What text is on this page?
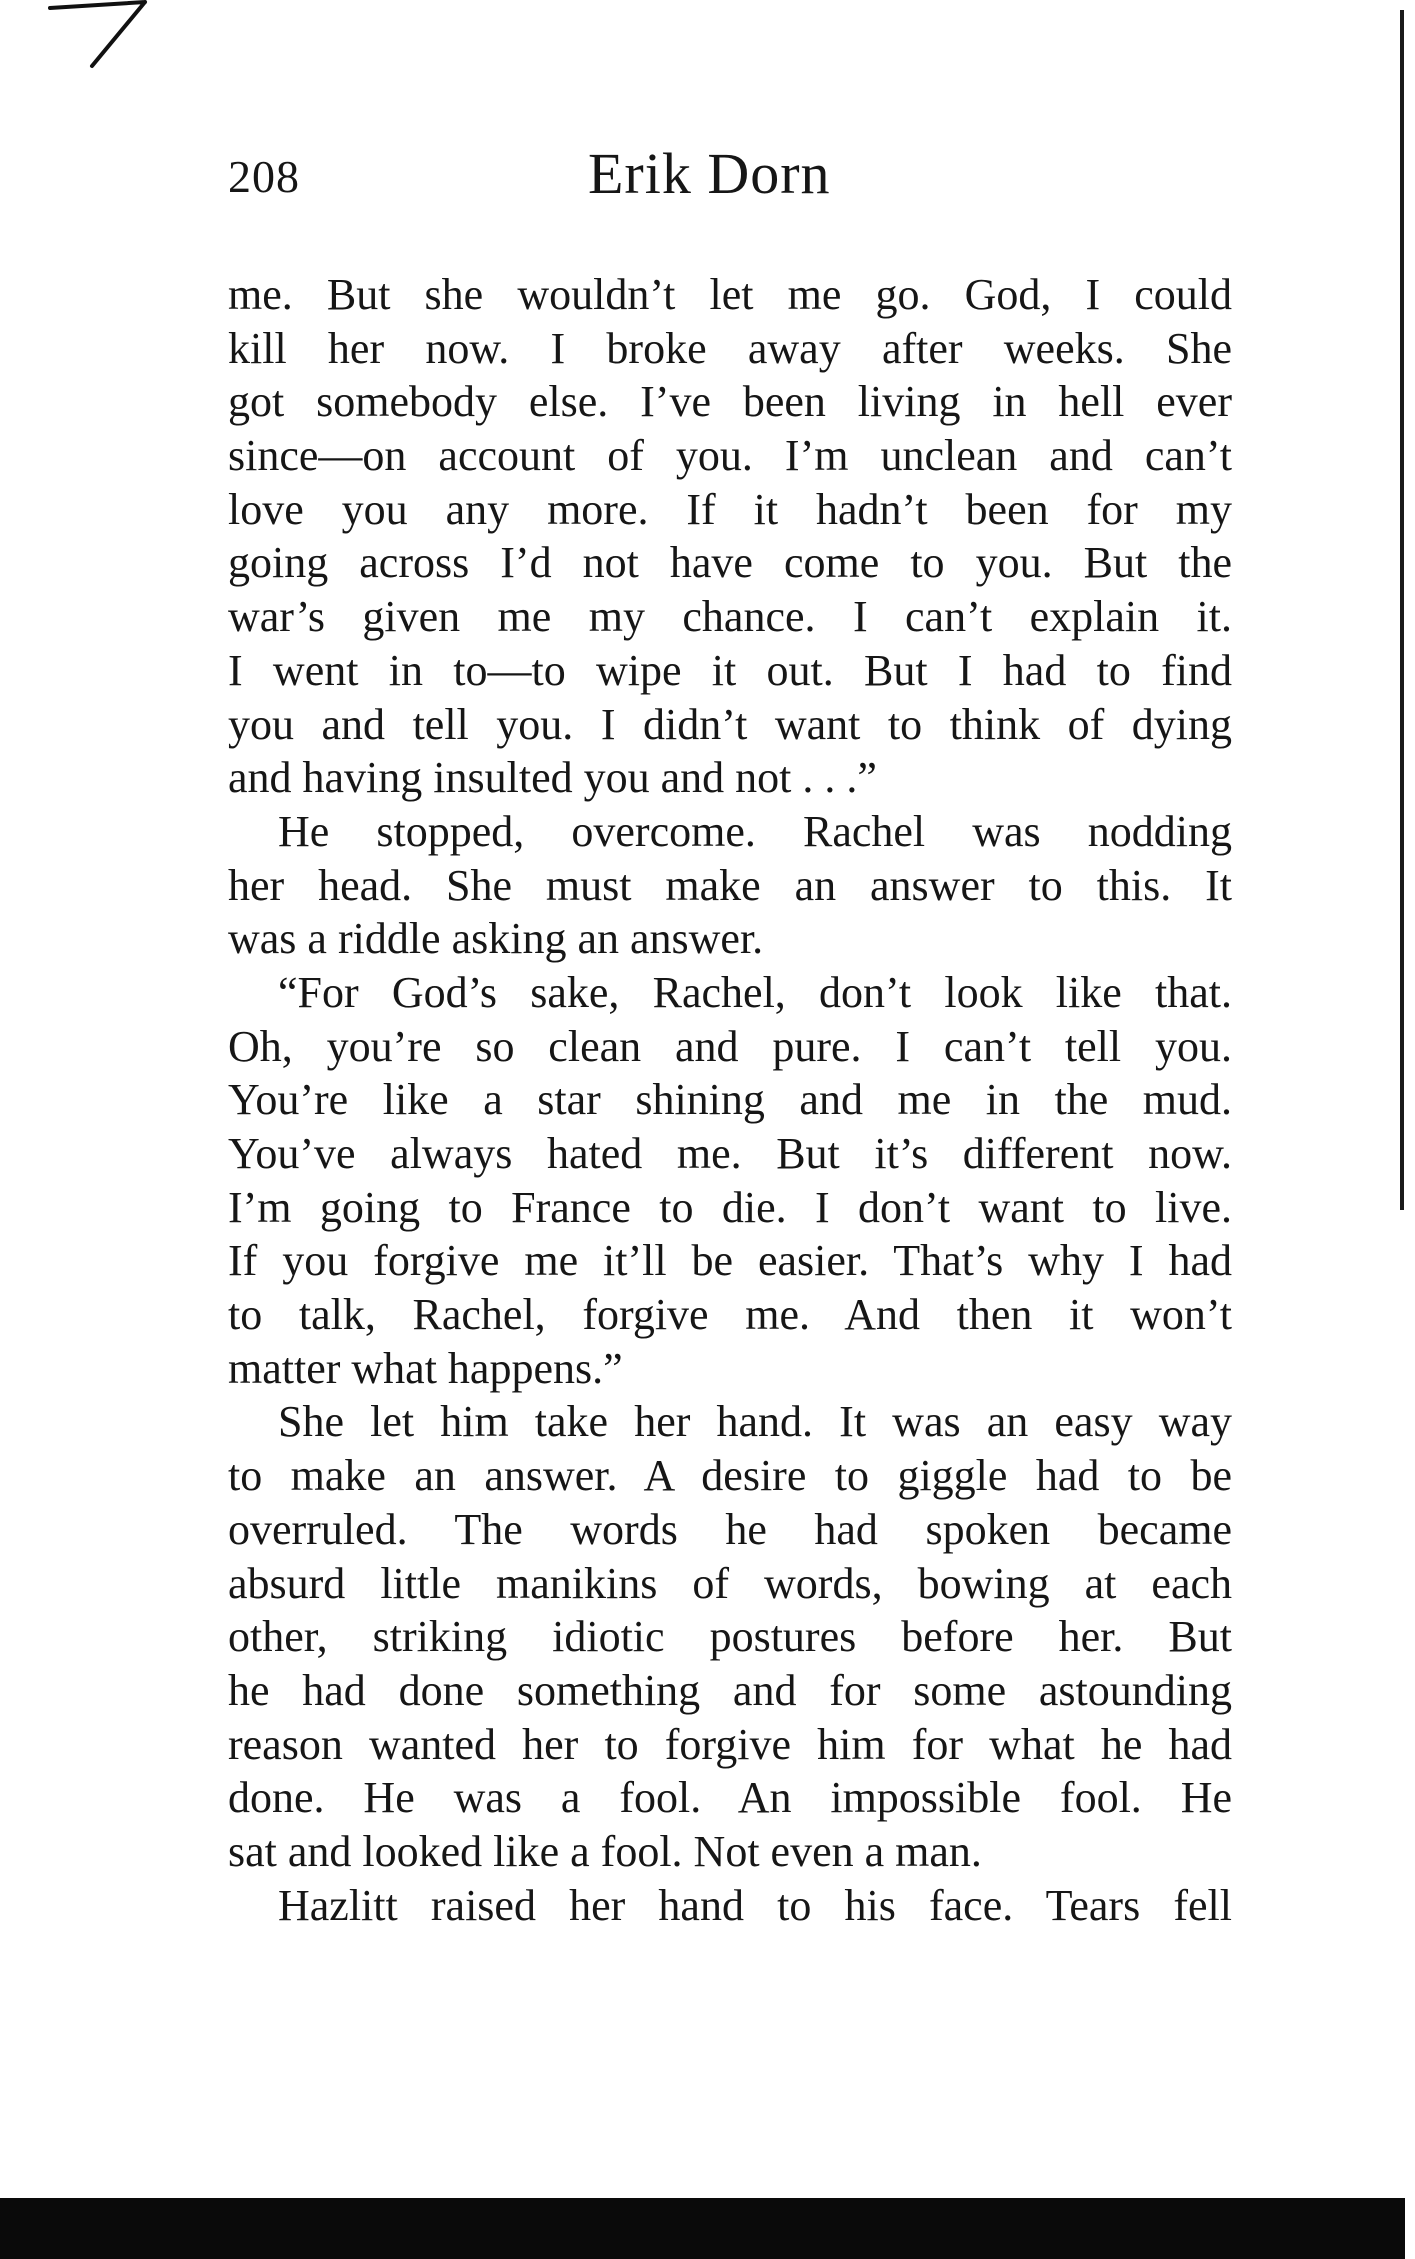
208	Erik Dorn
me. But she wouldn’t let me go. God, I could
kill her now. I broke away after weeks. She
got somebody else. I’ve been living in hell ever
since—on account of you. I’m unclean and can’t
love you any more. If it hadn’t been for my
going across I’d not have come to you. But the
war’s given me my chance. I can’t explain it.
I went in to—to wipe it out. But I had to find
you and tell you. I didn’t want to think of dying
and having insulted you and not . . .”
He stopped, overcome. Rachel was nodding
her head. She must make an answer to this. It
was a riddle asking an answer.
“For God’s sake, Rachel, don’t look like that.
Oh, you’re so clean and pure. I can’t tell you.
You’re like a star shining and me in the mud.
You’ve always hated me. But it’s different now.
I’m going to France to die. I don’t want to live.
If you forgive me it’ll be easier. That’s why I had
to talk, Rachel, forgive me. And then it won’t
matter what happens.”
She let him take her hand. It was an easy way
to make an answer. A desire to giggle had to be
overruled. The words he had spoken became
absurd little manikins of words, bowing at each
other, striking idiotic postures before her. But
he had done something and for some astounding
reason wanted her to forgive him for what he had
done. He was a fool. An impossible fool. He
sat and looked like a fool. Not even a man.
Hazlitt raised her hand to his face. Tears fell
